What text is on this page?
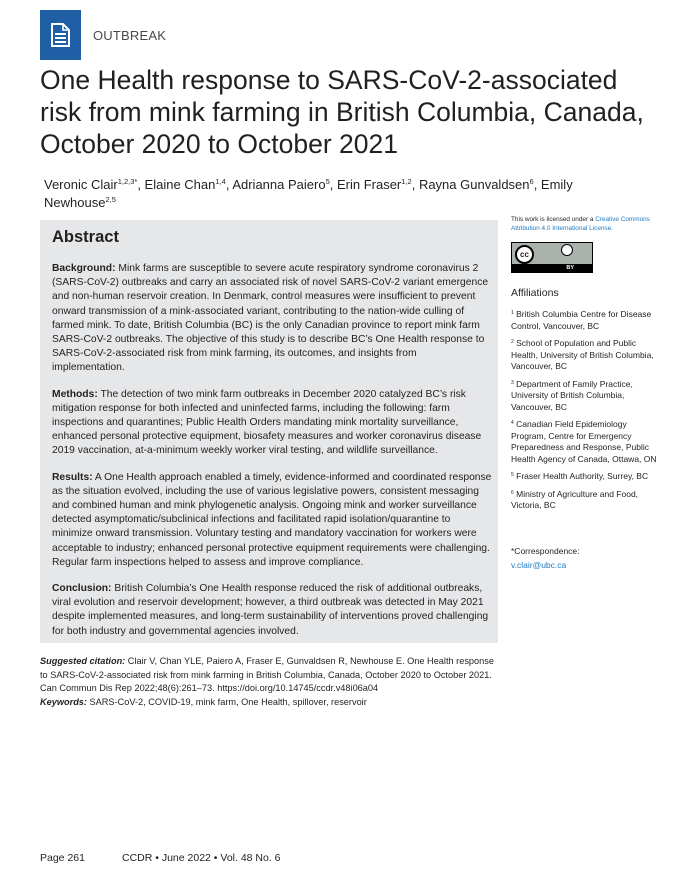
OUTBREAK
One Health response to SARS-CoV-2-associated risk from mink farming in British Columbia, Canada, October 2020 to October 2021
Veronic Clair$^{1,2,3*}$, Elaine Chan$^{1,4}$, Adrianna Paiero$^5$, Erin Fraser$^{1,2}$, Rayna Gunvaldsen$^6$, Emily Newhouse$^{2,5}$
Abstract

Background: Mink farms are susceptible to severe acute respiratory syndrome coronavirus 2 (SARS-CoV-2) outbreaks and carry an associated risk of novel SARS-CoV-2 variant emergence and non-human reservoir creation. In Denmark, control measures were insufficient to prevent onward transmission of a mink-associated variant, contributing to the nation-wide culling of farmed mink. To date, British Columbia (BC) is the only Canadian province to report mink farm SARS-CoV-2 outbreaks. The objective of this study is to describe BC’s One Health response to SARS-CoV-2-associated risk from mink farming, its outcomes, and insights from implementation.

Methods: The detection of two mink farm outbreaks in December 2020 catalyzed BC’s risk mitigation response for both infected and uninfected farms, including the following: farm inspections and quarantines; Public Health Orders mandating mink mortality surveillance, enhanced personal protective equipment, biosafety measures and worker coronavirus disease 2019 vaccination, at-a-minimum weekly worker viral testing, and wildlife surveillance.

Results: A One Health approach enabled a timely, evidence-informed and coordinated response as the situation evolved, including the use of various legislative powers, consistent messaging and combined human and mink phylogenetic analysis. Ongoing mink and worker surveillance detected asymptomatic/subclinical infections and facilitated rapid isolation/quarantine to minimize onward transmission. Voluntary testing and mandatory vaccination for workers were acceptable to industry; enhanced personal protective equipment requirements were challenging. Regular farm inspections helped to assess and improve compliance.

Conclusion: British Columbia’s One Health response reduced the risk of additional outbreaks, viral evolution and reservoir development; however, a third outbreak was detected in May 2021 despite implemented measures, and long-term sustainability of interventions proved challenging for both industry and governmental agencies involved.

Suggested citation: Clair V, Chan YLE, Paiero A, Fraser E, Gunvaldsen R, Newhouse E. One Health response to SARS-CoV-2-associated risk from mink farming in British Columbia, Canada, October 2020 to October 2021. Can Commun Dis Rep 2022;48(6):261–73. https://doi.org/10.14745/ccdr.v48i06a04
Keywords: SARS-CoV-2, COVID-19, mink farm, One Health, spillover, reservoir
This work is licensed under a Creative Commons Attribution 4.0 International License.
cc
BY
Affiliations
$^1$ British Columbia Centre for Disease Control, Vancouver, BC
$^2$ School of Population and Public Health, University of British Columbia, Vancouver, BC
$^3$ Department of Family Practice, University of British Columbia, Vancouver, BC
$^4$ Canadian Field Epidemiology Program, Centre for Emergency Preparedness and Response, Public Health Agency of Canada, Ottawa, ON
$^5$ Fraser Health Authority, Surrey, BC
$^6$ Ministry of Agriculture and Food, Victoria, BC
*Correspondence:
v.clair@ubc.ca
Page 261	CCDR • June 2022 • Vol. 48 No. 6
